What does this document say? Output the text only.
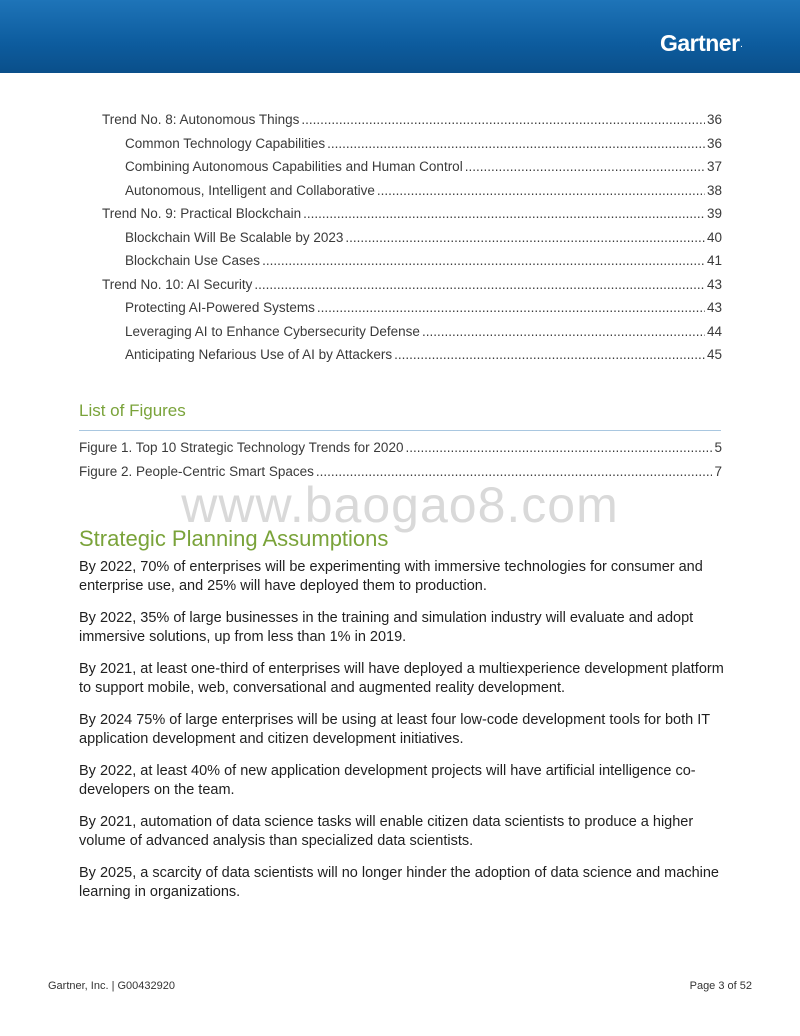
Gartner.
Trend No. 8: Autonomous Things .....	36
Common Technology Capabilities .....	36
Combining Autonomous Capabilities and Human Control .....	37
Autonomous, Intelligent and Collaborative .....	38
Trend No. 9: Practical Blockchain .....	39
Blockchain Will Be Scalable by 2023 .....	40
Blockchain Use Cases .....	41
Trend No. 10: AI Security .....	43
Protecting AI-Powered Systems .....	43
Leveraging AI to Enhance Cybersecurity Defense .....	44
Anticipating Nefarious Use of AI by Attackers .....	45
List of Figures
Figure 1. Top 10 Strategic Technology Trends for 2020 .....	5
Figure 2. People-Centric Smart Spaces .....	7
www.baogao8.com
Strategic Planning Assumptions
By 2022, 70% of enterprises will be experimenting with immersive technologies for consumer and enterprise use, and 25% will have deployed them to production.
By 2022, 35% of large businesses in the training and simulation industry will evaluate and adopt immersive solutions, up from less than 1% in 2019.
By 2021, at least one-third of enterprises will have deployed a multiexperience development platform to support mobile, web, conversational and augmented reality development.
By 2024 75% of large enterprises will be using at least four low-code development tools for both IT application development and citizen development initiatives.
By 2022, at least 40% of new application development projects will have artificial intelligence co-developers on the team.
By 2021, automation of data science tasks will enable citizen data scientists to produce a higher volume of advanced analysis than specialized data scientists.
By 2025, a scarcity of data scientists will no longer hinder the adoption of data science and machine learning in organizations.
Gartner, Inc. | G00432920	Page 3 of 52
